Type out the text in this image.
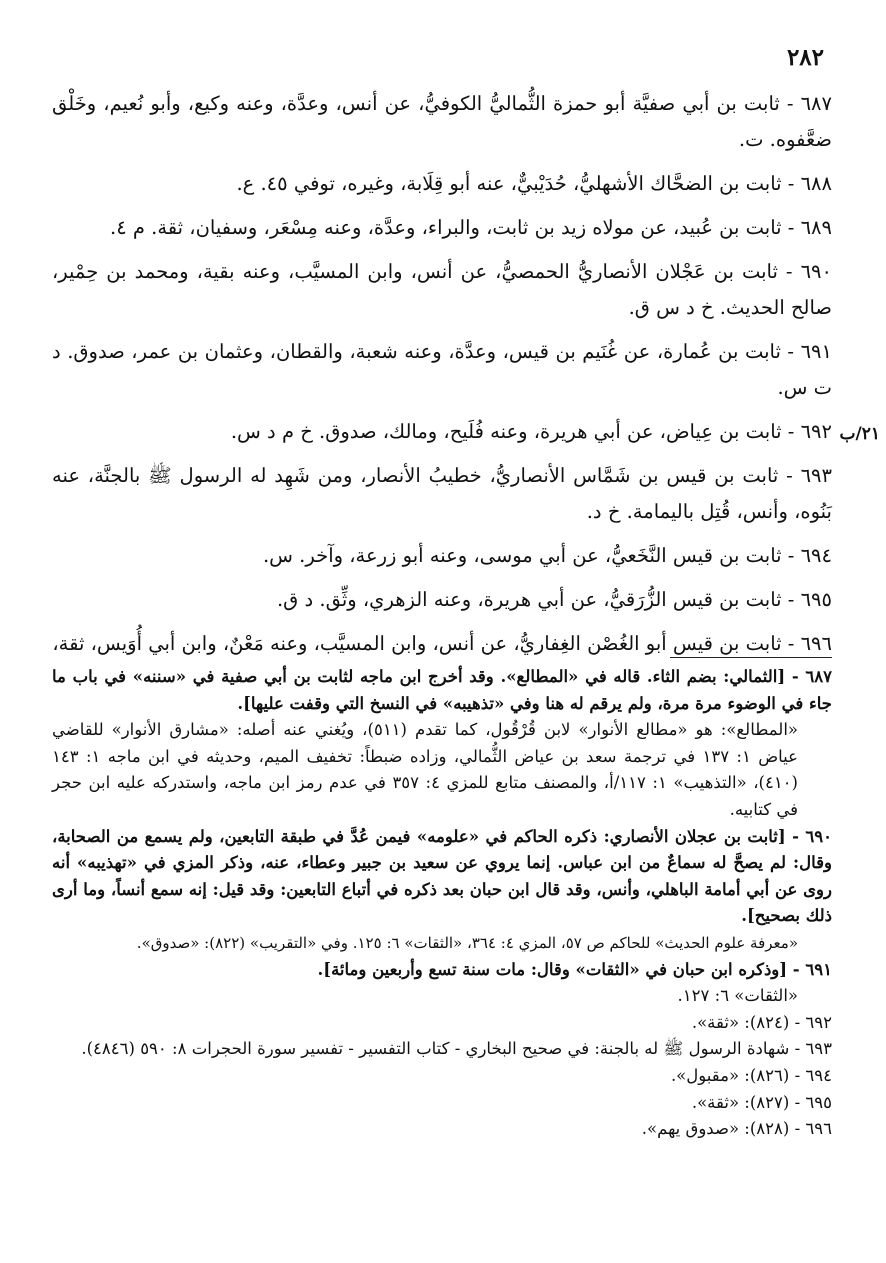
٢٨٢
٢١/ب

٦٨٧ - ثابت بن أبي صفيَّة أبو حمزة الثُّماليُّ الكوفيُّ، عن أنس، وعدَّة، وعنه وكيع، وأبو نُعيم، وخَلْق ضعَّفوه. ت.

٦٨٨ - ثابت بن الضحَّاك الأشهليُّ، حُدَيْبيٌّ، عنه أبو قِلَابة، وغيره، توفي ٤٥. ع.

٦٨٩ - ثابت بن عُبيد، عن مولاه زيد بن ثابت، والبراء، وعدَّة، وعنه مِسْعَر، وسفيان، ثقة. م ٤.

٦٩٠ - ثابت بن عَجْلان الأنصاريُّ الحمصيُّ، عن أنس، وابن المسيَّب، وعنه بقية، ومحمد بن حِمْير، صالح الحديث. خ د س ق.

٦٩١ - ثابت بن عُمارة، عن غُنَيم بن قيس، وعدَّة، وعنه شعبة، والقطان، وعثمان بن عمر، صدوق. د ت س.

٦٩٢ - ثابت بن عِياض، عن أبي هريرة، وعنه فُلَيح، ومالك، صدوق. خ م د س.

٦٩٣ - ثابت بن قيس بن شَمَّاس الأنصاريُّ، خطيبُ الأنصار، ومن شَهِد له الرسول ﷺ بالجنَّة، عنه بَنُوه، وأنس، قُتِل باليمامة. خ د.

٦٩٤ - ثابت بن قيس النَّخَعيُّ، عن أبي موسى، وعنه أبو زرعة، وآخر. س.

٦٩٥ - ثابت بن قيس الزُّرَقيُّ، عن أبي هريرة، وعنه الزهري، وثِّق. د ق.

٦٩٦ - ثابت بن قيس أبو الغُصْن الغِفاريُّ، عن أنس، وابن المسيَّب، وعنه مَعْنٌ، وابن أبي أُوَيس، ثقة،

٦٨٧ - [الثمالي: بضم الثاء. قاله في «المطالع». وقد أخرج ابن ماجه لثابت بن أبي صفية في «سننه» في باب ما جاء في الوضوء مرة مرة، ولم يرقم له هنا وفي «تذهيبه» في النسخ التي وقفت عليها].

«المطالع»: هو «مطالع الأنوار» لابن قُرْقُول، كما تقدم (٥١١)، ويُغني عنه أصله: «مشارق الأنوار» للقاضي عياض ١: ١٣٧ في ترجمة سعد بن عياض الثُّمالي، وزاده ضبطاً: تخفيف الميم، وحديثه في ابن ماجه ١: ١٤٣ (٤١٠)، «التذهيب» ١: ١١٧/أ، والمصنف متابع للمزي ٤: ٣٥٧ في عدم رمز ابن ماجه، واستدركه عليه ابن حجر في كتابيه.

٦٩٠ - [ثابت بن عجلان الأنصاري: ذكره الحاكم في «علومه» فيمن عُدَّ في طبقة التابعين، ولم يسمع من الصحابة، وقال: لم يصحَّ له سماعٌ من ابن عباس. إنما يروي عن سعيد بن جبير وعطاء، عنه، وذكر المزي في «تهذيبه» أنه روى عن أبي أمامة الباهلي، وأنس، وقد قال ابن حبان بعد ذكره في أتباع التابعين: وقد قيل: إنه سمع أنساً، وما أرى ذلك بصحيح].

«معرفة علوم الحديث» للحاكم ص ٥٧، المزي ٤: ٣٦٤، «الثقات» ٦: ١٢٥. وفي «التقريب» (٨٢٢): «صدوق».

٦٩١ - [وذكره ابن حبان في «الثقات» وقال: مات سنة تسع وأربعين ومائة].

«الثقات» ٦: ١٢٧.

٦٩٢ - (٨٢٤): «ثقة».

٦٩٣ - شهادة الرسول ﷺ له بالجنة: في صحيح البخاري - كتاب التفسير - تفسير سورة الحجرات ٨: ٥٩٠ (٤٨٤٦).

٦٩٤ - (٨٢٦): «مقبول».

٦٩٥ - (٨٢٧): «ثقة».

٦٩٦ - (٨٢٨): «صدوق يهم».
